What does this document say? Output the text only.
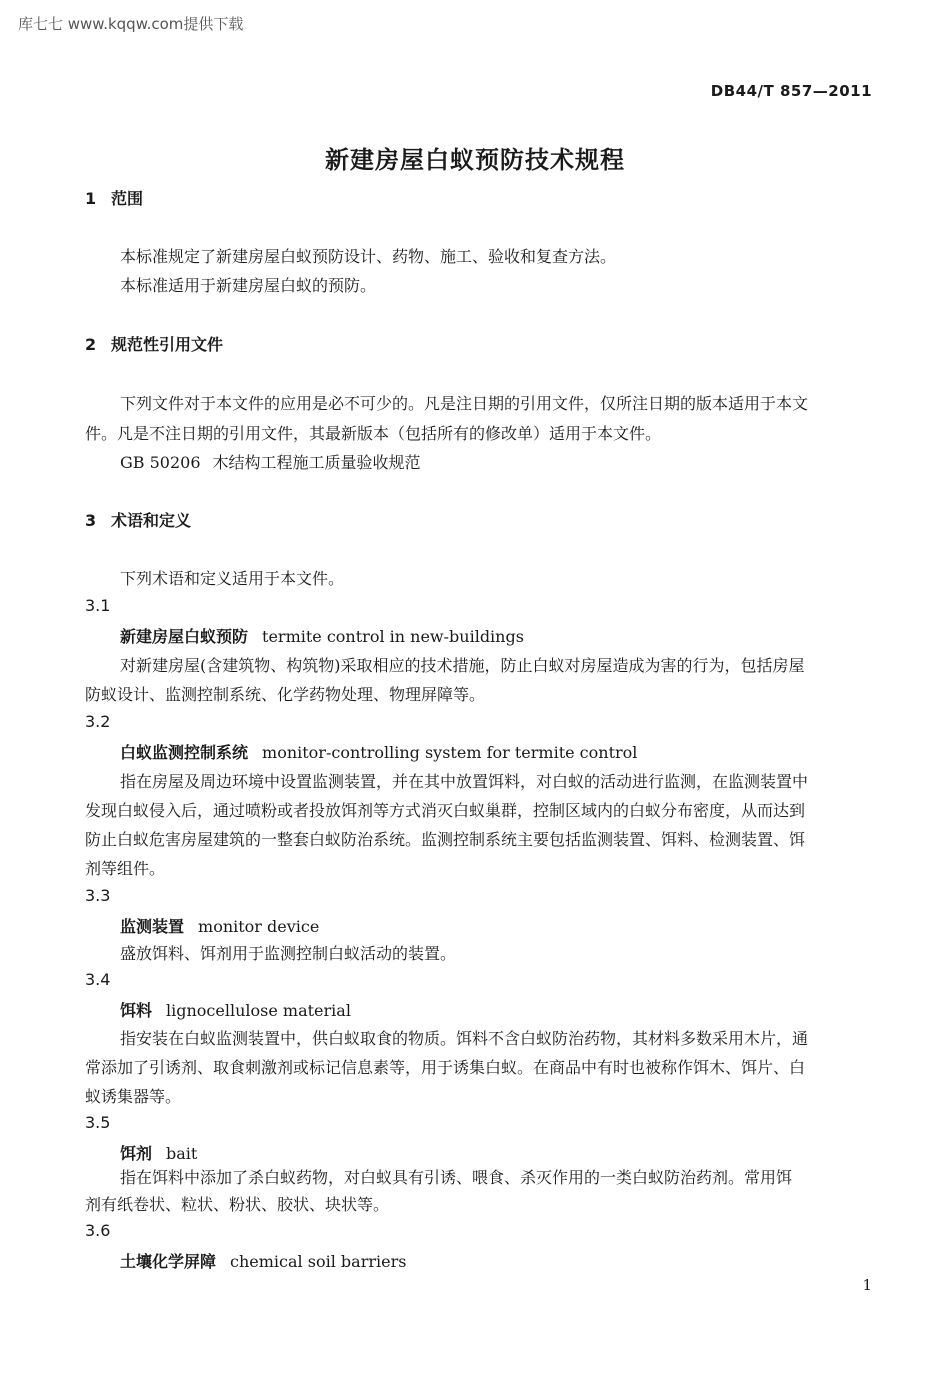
库七七 www.kqqw.com提供下载
DB44/T 857—2011
新建房屋白蚁预防技术规程
1 范围
本标准规定了新建房屋白蚁预防设计、药物、施工、验收和复查方法。
本标准适用于新建房屋白蚁的预防。
2 规范性引用文件
下列文件对于本文件的应用是必不可少的。凡是注日期的引用文件，仅所注日期的版本适用于本文
件。凡是不注日期的引用文件，其最新版本（包括所有的修改单）适用于本文件。
GB 50206 木结构工程施工质量验收规范
3 术语和定义
下列术语和定义适用于本文件。
3.1
新建房屋白蚁预防 termite control in new-buildings
对新建房屋(含建筑物、构筑物)采取相应的技术措施，防止白蚁对房屋造成为害的行为，包括房屋
防蚁设计、监测控制系统、化学药物处理、物理屏障等。
3.2
白蚁监测控制系统 monitor-controlling system for termite control
指在房屋及周边环境中设置监测装置，并在其中放置饵料，对白蚁的活动进行监测，在监测装置中
发现白蚁侵入后，通过喷粉或者投放饵剂等方式消灭白蚁巢群，控制区域内的白蚁分布密度，从而达到
防止白蚁危害房屋建筑的一整套白蚁防治系统。监测控制系统主要包括监测装置、饵料、检测装置、饵
剂等组件。
3.3
监测装置 monitor device
盛放饵料、饵剂用于监测控制白蚁活动的装置。
3.4
饵料 lignocellulose material
指安装在白蚁监测装置中，供白蚁取食的物质。饵料不含白蚁防治药物，其材料多数采用木片，通
常添加了引诱剂、取食刺激剂或标记信息素等，用于诱集白蚁。在商品中有时也被称作饵木、饵片、白
蚁诱集器等。
3.5
饵剂 bait
指在饵料中添加了杀白蚁药物，对白蚁具有引诱、喂食、杀灭作用的一类白蚁防治药剂。常用饵
剂有纸卷状、粒状、粉状、胶状、块状等。
3.6
土壤化学屏障 chemical soil barriers
1
